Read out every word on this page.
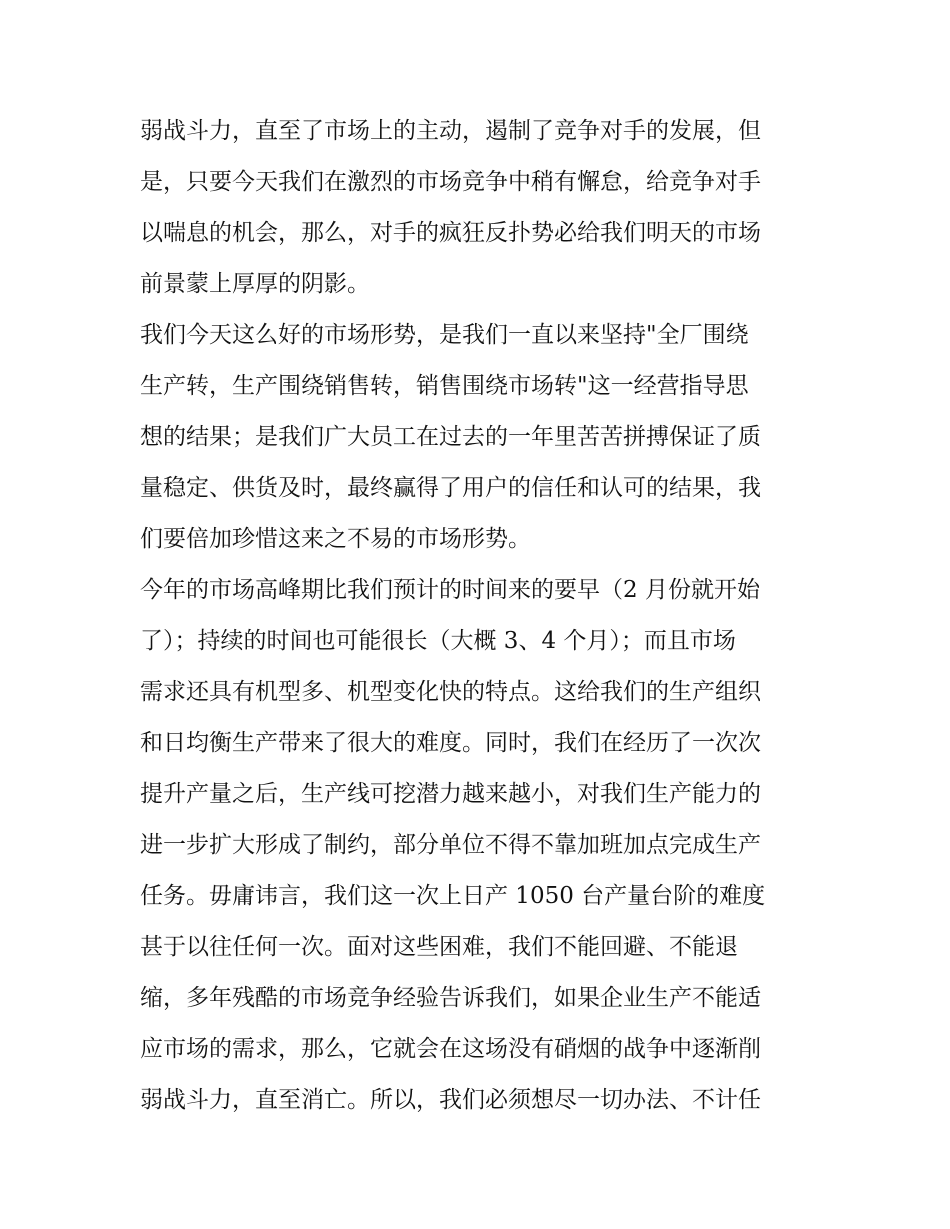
弱战斗力，直至了市场上的主动，遏制了竞争对手的发展，但
是，只要今天我们在激烈的市场竞争中稍有懈怠，给竞争对手
以喘息的机会，那么，对手的疯狂反扑势必给我们明天的市场
前景蒙上厚厚的阴影。
我们今天这么好的市场形势，是我们一直以来坚持"全厂围绕
生产转，生产围绕销售转，销售围绕市场转"这一经营指导思
想的结果；是我们广大员工在过去的一年里苦苦拼搏保证了质
量稳定、供货及时，最终赢得了用户的信任和认可的结果，我
们要倍加珍惜这来之不易的市场形势。
今年的市场高峰期比我们预计的时间来的要早（2 月份就开始
了）；持续的时间也可能很长（大概 3、4 个月）；而且市场
需求还具有机型多、机型变化快的特点。这给我们的生产组织
和日均衡生产带来了很大的难度。同时，我们在经历了一次次
提升产量之后，生产线可挖潜力越来越小，对我们生产能力的
进一步扩大形成了制约，部分单位不得不靠加班加点完成生产
任务。毋庸讳言，我们这一次上日产 1050 台产量台阶的难度
甚于以往任何一次。面对这些困难，我们不能回避、不能退
缩，多年残酷的市场竞争经验告诉我们，如果企业生产不能适
应市场的需求，那么，它就会在这场没有硝烟的战争中逐渐削
弱战斗力，直至消亡。所以，我们必须想尽一切办法、不计任
